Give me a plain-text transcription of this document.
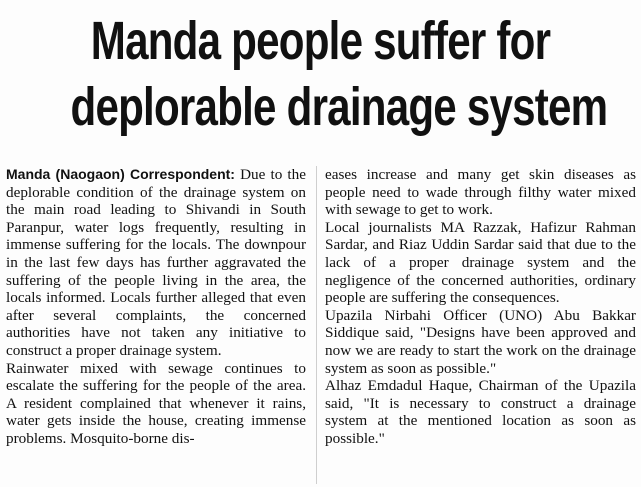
Manda people suffer for
deplorable drainage system

Manda (Naogaon) Correspondent: Due to the deplorable condition of the drainage system on the main road leading to Shivandi in South Paranpur, water logs frequently, resulting in immense suffering for the locals. The downpour in the last few days has further aggravated the suffering of the people living in the area, the locals informed. Locals further alleged that even after several complaints, the concerned authorities have not taken any initiative to construct a proper drainage system.

Rainwater mixed with sewage continues to escalate the suffering for the people of the area. A resident complained that whenever it rains, water gets inside the house, creating immense problems. Mosquito-borne dis-

eases increase and many get skin diseases as people need to wade through filthy water mixed with sewage to get to work.

Local journalists MA Razzak, Hafizur Rahman Sardar, and Riaz Uddin Sardar said that due to the lack of a proper drainage system and the negligence of the concerned authorities, ordinary people are suffering the consequences.

Upazila Nirbahi Officer (UNO) Abu Bakkar Siddique said, "Designs have been approved and now we are ready to start the work on the drainage system as soon as possible."

Alhaz Emdadul Haque, Chairman of the Upazila said, "It is necessary to construct a drainage system at the mentioned location as soon as possible."
